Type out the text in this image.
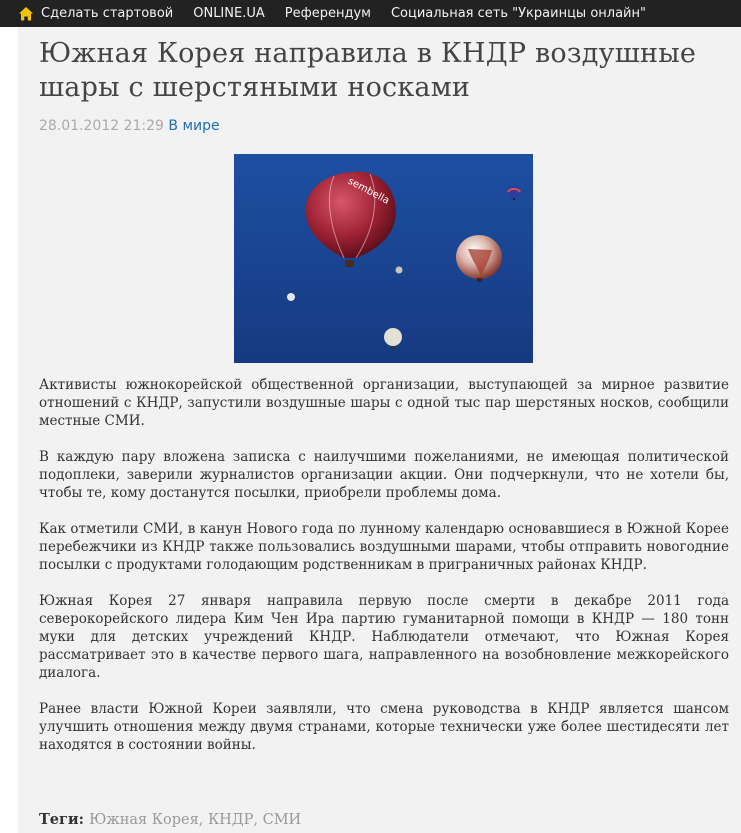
Сделать стартовой ONLINE.UA Референдум Социальная сеть "Украинцы онлайн"
Южная Корея направила в КНДР воздушные шары с шерстяными носками
28.01.2012 21:29 В мире
sembella

Активисты южнокорейской общественной организации, выступающей за мирное развитие отношений с КНДР, запустили воздушные шары с одной тыс пар шерстяных носков, сообщили местные СМИ.

В каждую пару вложена записка с наилучшими пожеланиями, не имеющая политической подоплеки, заверили журналистов организации акции. Они подчеркнули, что не хотели бы, чтобы те, кому достанутся посылки, приобрели проблемы дома.

Как отметили СМИ, в канун Нового года по лунному календарю основавшиеся в Южной Корее перебежчики из КНДР также пользовались воздушными шарами, чтобы отправить новогодние посылки с продуктами голодающим родственникам в приграничных районах КНДР.

Южная Корея 27 января направила первую после смерти в декабре 2011 года северокорейского лидера Ким Чен Ира партию гуманитарной помощи в КНДР — 180 тонн муки для детских учреждений КНДР. Наблюдатели отмечают, что Южная Корея рассматривает это в качестве первого шага, направленного на возобновление межкорейского диалога.

Ранее власти Южной Кореи заявляли, что смена руководства в КНДР является шансом улучшить отношения между двумя странами, которые технически уже более шестидесяти лет находятся в состоянии войны.

Теги: Южная Корея, КНДР, СМИ
